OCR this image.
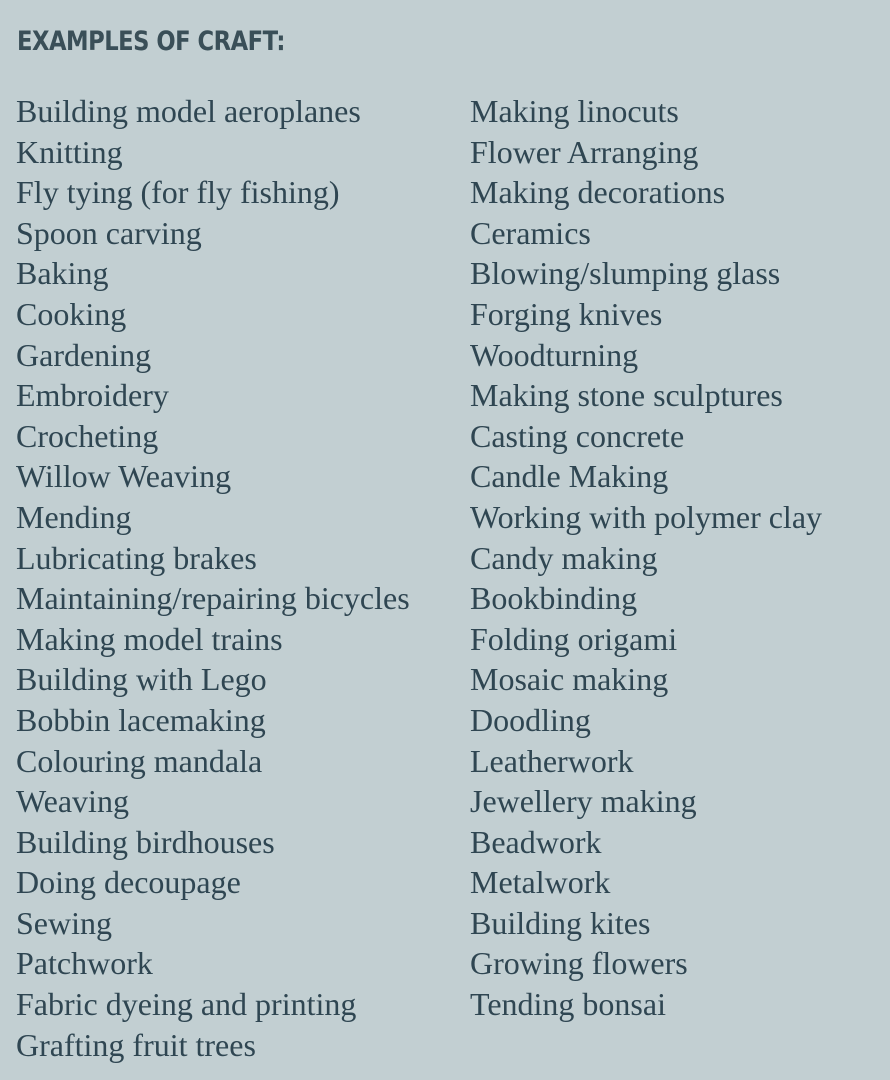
EXAMPLES OF CRAFT:
Building model aeroplanes
Knitting
Fly tying (for fly fishing)
Spoon carving
Baking
Cooking
Gardening
Embroidery
Crocheting
Willow Weaving
Mending
Lubricating brakes
Maintaining/repairing bicycles
Making model trains
Building with Lego
Bobbin lacemaking
Colouring mandala
Weaving
Building birdhouses
Doing decoupage
Sewing
Patchwork
Fabric dyeing and printing
Grafting fruit trees
Making linocuts
Flower Arranging
Making decorations
Ceramics
Blowing/slumping glass
Forging knives
Woodturning
Making stone sculptures
Casting concrete
Candle Making
Working with polymer clay
Candy making
Bookbinding
Folding origami
Mosaic making
Doodling
Leatherwork
Jewellery making
Beadwork
Metalwork
Building kites
Growing flowers
Tending bonsai
